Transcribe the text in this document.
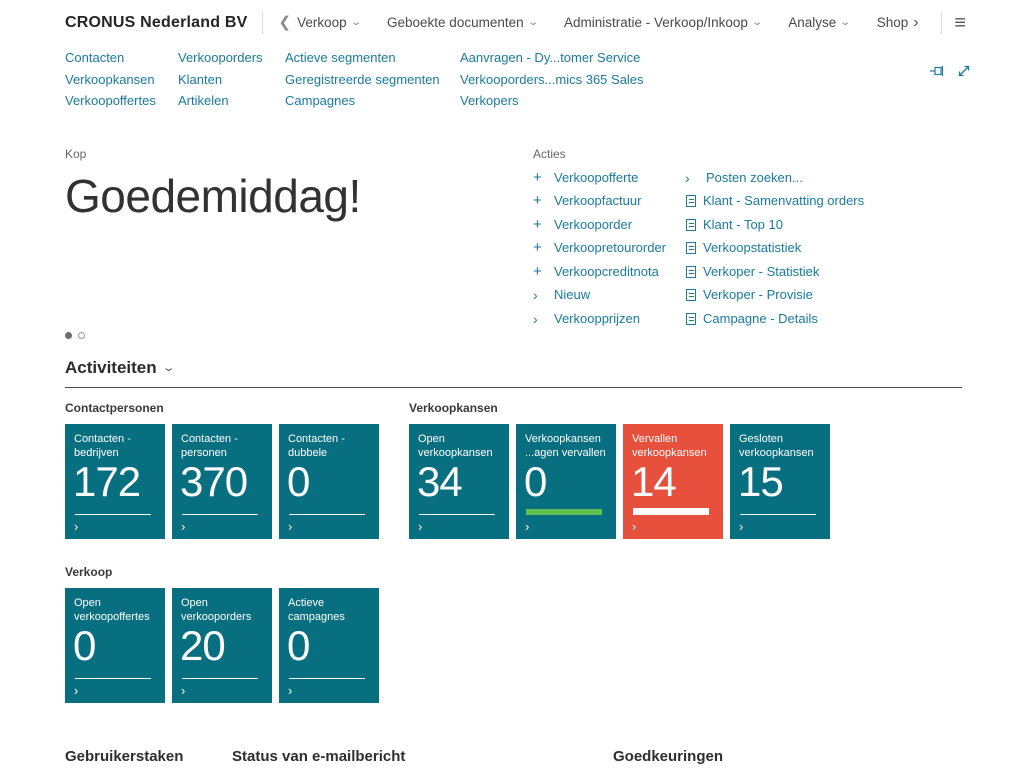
CRONUS Nederland BV ❮ Verkoop ⌄ Geboekte documenten ⌄ Administratie - Verkoop/Inkoop ⌄ Analyse ⌄ Shop › ≡
Contacten
Verkoopkansen
Verkoopoffertes
Verkooporders
Klanten
Artikelen
Actieve segmenten
Geregistreerde segmenten
Campagnes
Aanvragen - Dy...tomer Service
Verkooporders...mics 365 Sales
Verkopers
Kop
Goedemiddag!
Acties
+ Verkoopofferte
+ Verkoopfactuur
+ Verkooporder
+ Verkoopretourorder
+ Verkoopcreditnota
›	Nieuw
›	Verkoopprijzen
›	Posten zoeken...
Klant - Samenvatting orders
Klant - Top 10
Verkoopstatistiek
Verkoper - Statistiek
Verkoper - Provisie
Campagne - Details
Activiteiten ⌄
Contactpersonen
Contacten - bedrijven
172
›
Contacten - personen
370
›
Contacten - dubbele
0
›
Verkoopkansen
Open verkoopkansen
34
›
Verkoopkansen ...agen vervallen
0
›
Vervallen verkoopkansen
14
›
Gesloten verkoopkansen
15
›
Verkoop
Open verkoopoffertes
0
›
Open verkooporders
20
›
Actieve campagnes
0
›
Gebruikerstaken	Status van e-mailbericht	Goedkeuringen
